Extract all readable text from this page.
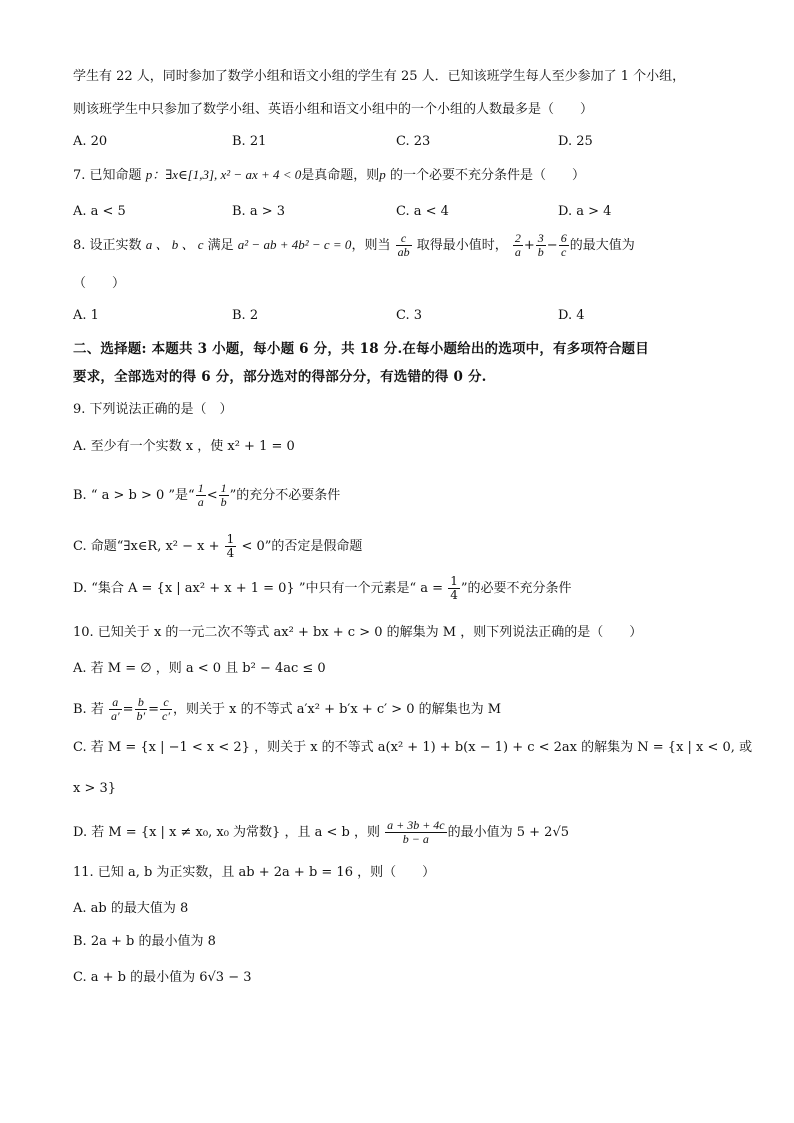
学生有 22 人，同时参加了数学小组和语文小组的学生有 25 人．已知该班学生每人至少参加了 1 个小组，
则该班学生中只参加了数学小组、英语小组和语文小组中的一个小组的人数最多是（　　）
A. 20	B. 21	C. 23	D. 25
7. 已知命题 p：∃x∈[1,3], x² − ax + 4 < 0是真命题，则p 的一个必要不充分条件是（　　）
A. a < 5	B. a > 3	C. a < 4	D. a > 4
8. 设正实数 a 、 b 、 c 满足 a² − ab + 4b² − c = 0，则当 $\frac{c}{ab}$ 取得最小值时， $\frac{2}{a} + \frac{3}{b} - \frac{6}{c}$ 的最大值为
（　　）
A. 1	B. 2	C. 3	D. 4
二、选择题: 本题共 3 小题，每小题 6 分，共 18 分.在每小题给出的选项中，有多项符合题目
要求，全部选对的得 6 分，部分选对的得部分分，有选错的得 0 分.
9. 下列说法正确的是（　）
A. 至少有一个实数 x ，使 x² + 1 = 0
B. “ a > b > 0 ”是“ $\frac{1}{a} < \frac{1}{b}$ ”的充分不必要条件
C. 命题“∃x∈R, $x^2 - x + \frac{1}{4} < 0$”的否定是假命题
D. “集合 A = {x | ax² + x + 1 = 0} ”中只有一个元素是“ $a = \frac{1}{4}$ ”的必要不充分条件
10. 已知关于 x 的一元二次不等式 ax² + bx + c > 0 的解集为 M ，则下列说法正确的是（　　）
A. 若 M = ∅ ，则 a < 0 且 b² − 4ac ≤ 0
B. 若 $\frac{a}{a'} = \frac{b}{b'} = \frac{c}{c'}$ ，则关于 x 的不等式 a′x² + b′x + c′ > 0 的解集也为 M
C. 若 M = {x | −1 < x < 2} ，则关于 x 的不等式 a(x² + 1) + b(x − 1) + c < 2ax 的解集为 N = {x | x < 0, 或
x > 3}
D. 若 M = {x | x ≠ x₀, x₀ 为常数} ，且 a < b ，则 $\frac{a + 3b + 4c}{b - a}$ 的最小值为 5 + 2√5
11. 已知 a, b 为正实数，且 ab + 2a + b = 16 ，则（　　）
A. ab 的最大值为 8
B. 2a + b 的最小值为 8
C. a + b 的最小值为 6√3 − 3
